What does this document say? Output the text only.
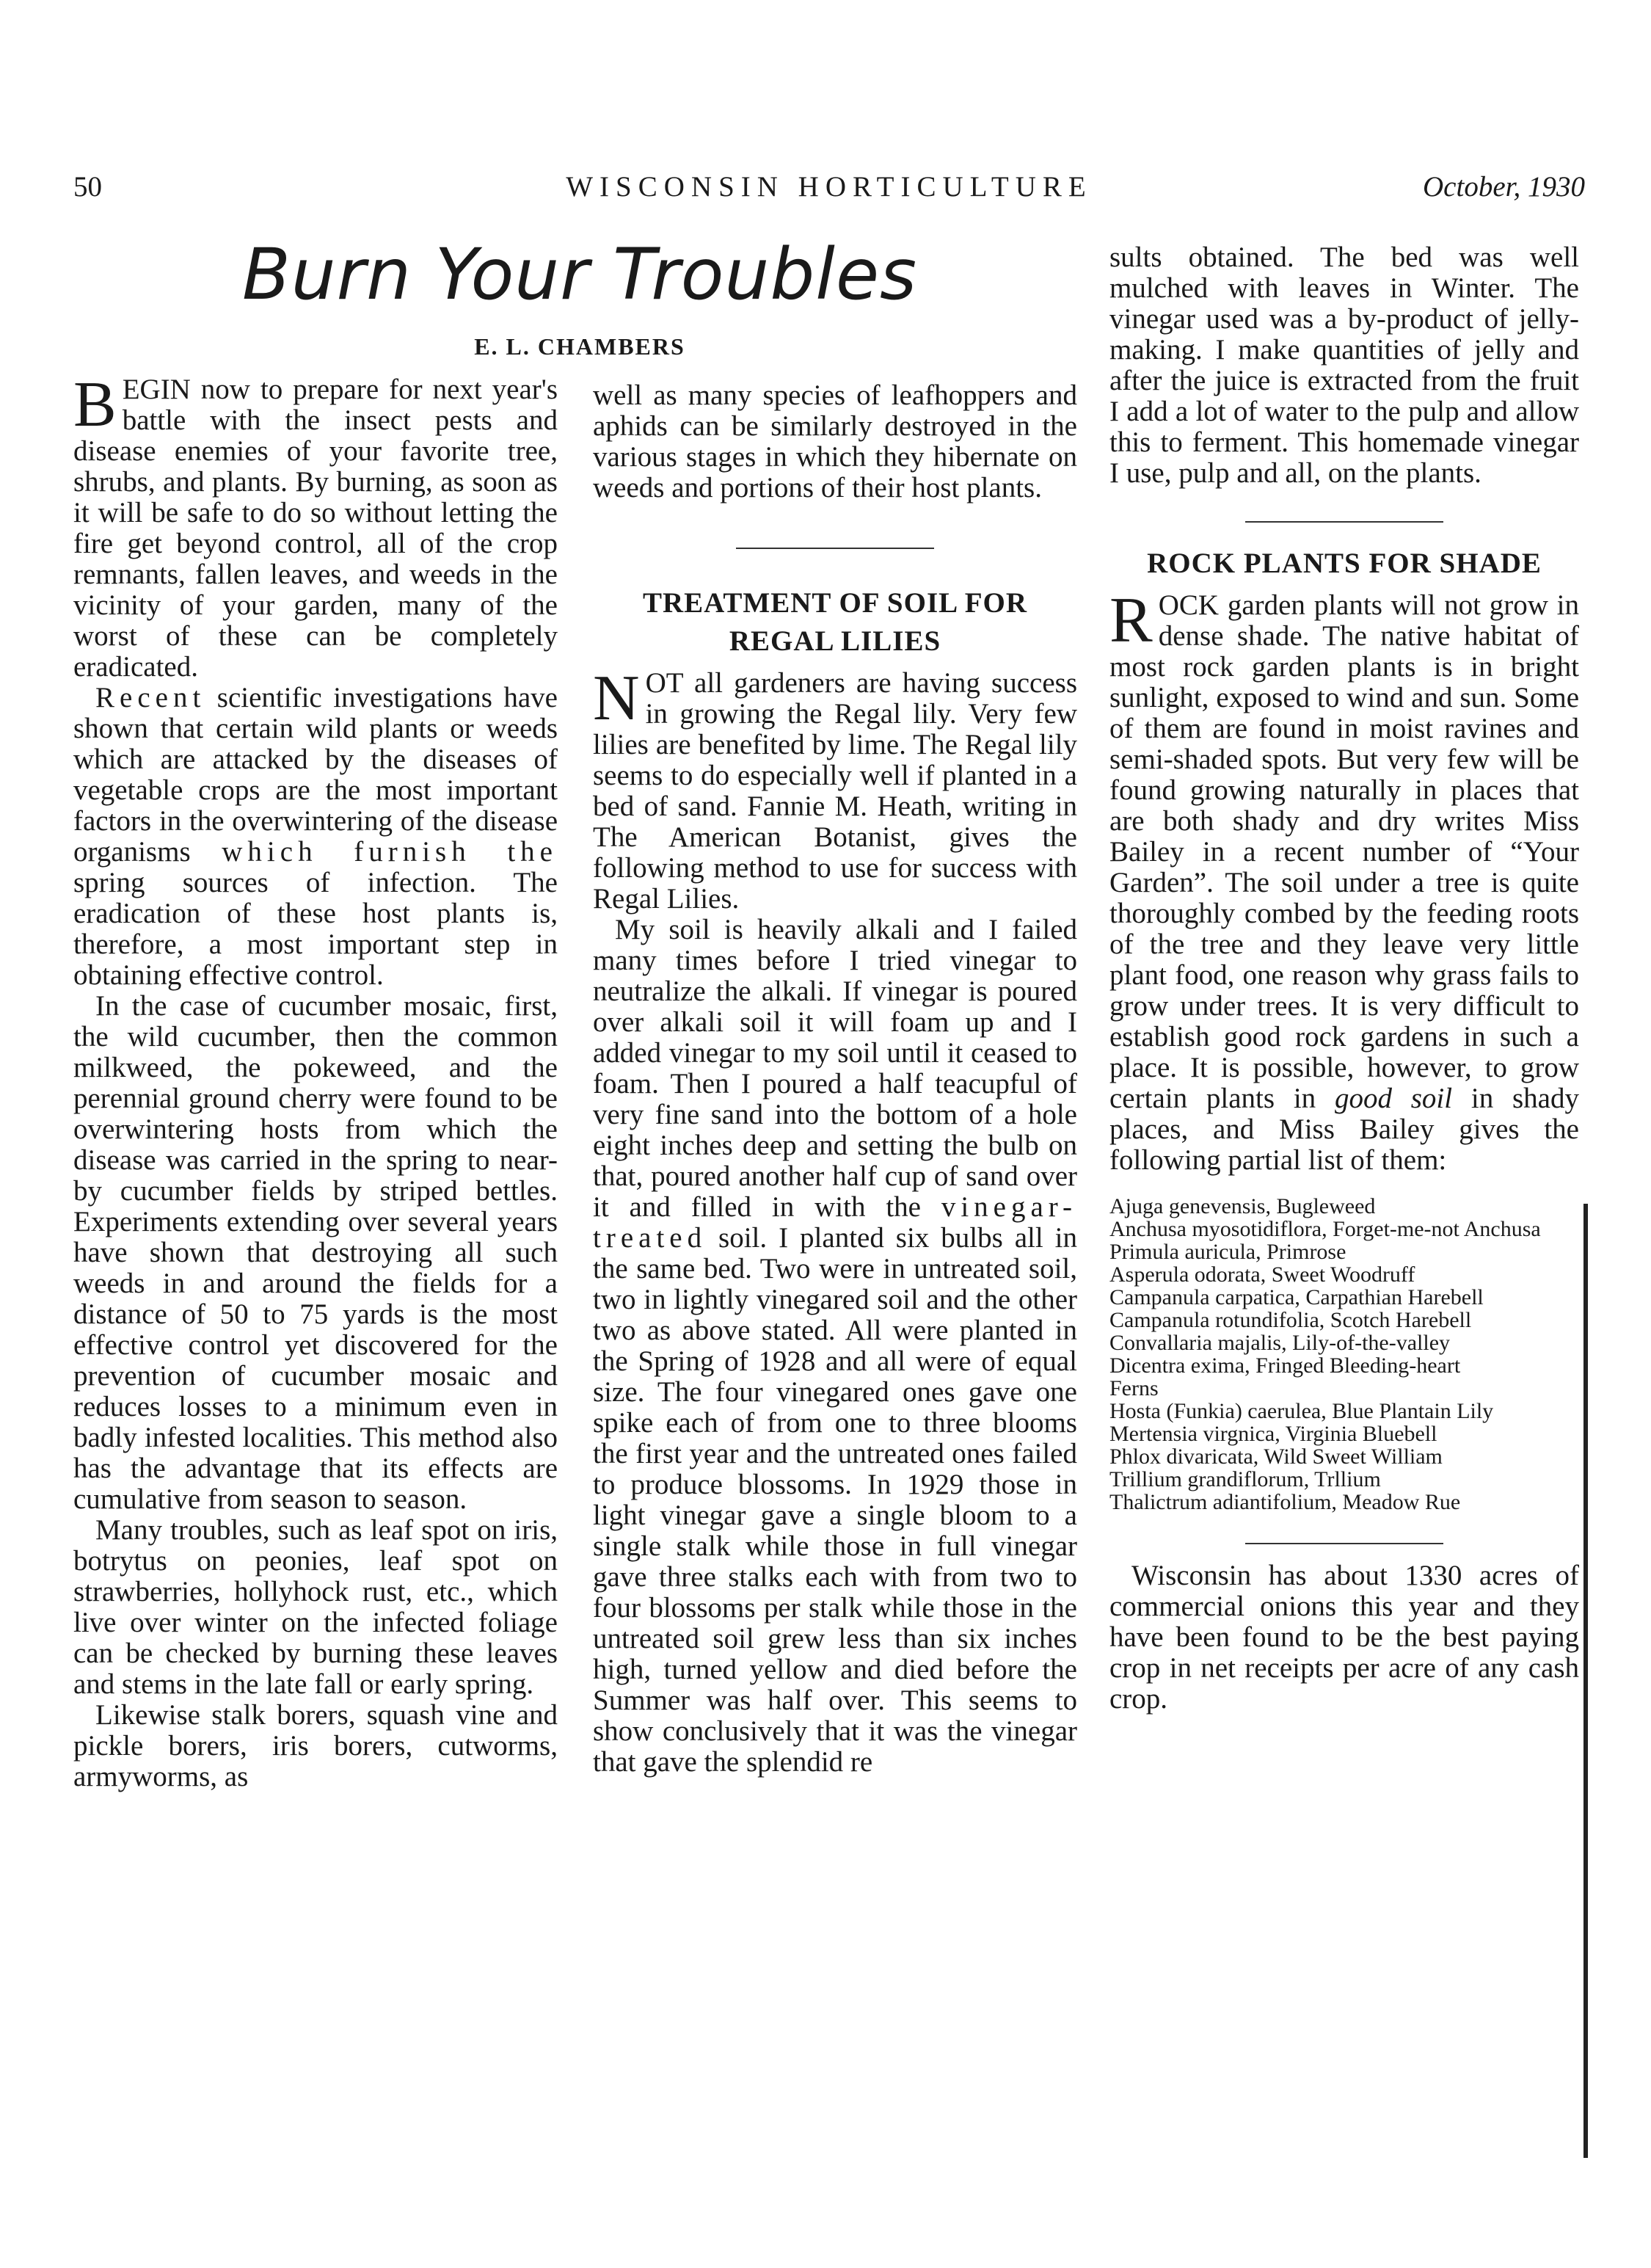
50	WISCONSIN HORTICULTURE	October, 1930
Burn Your Troubles
E. L. CHAMBERS

BEGIN now to prepare for next year's battle with the insect pests and disease enemies of your favorite tree, shrubs, and plants. By burning, as soon as it will be safe to do so without letting the fire get beyond control, all of the crop remnants, fallen leaves, and weeds in the vicinity of your garden, many of the worst of these can be completely eradicated.

Recent scientific investigations have shown that certain wild plants or weeds which are attacked by the diseases of vegetable crops are the most important factors in the overwintering of the disease organisms which furnish the spring sources of infection. The eradication of these host plants is, therefore, a most important step in obtaining effective control.

In the case of cucumber mosaic, first, the wild cucumber, then the common milkweed, the pokeweed, and the perennial ground cherry were found to be overwintering hosts from which the disease was carried in the spring to near-by cucumber fields by striped bettles. Experiments extending over several years have shown that destroying all such weeds in and around the fields for a distance of 50 to 75 yards is the most effective control yet discovered for the prevention of cucumber mosaic and reduces losses to a minimum even in badly infested localities. This method also has the advantage that its effects are cumulative from season to season.

Many troubles, such as leaf spot on iris, botrytus on peonies, leaf spot on strawberries, hollyhock rust, etc., which live over winter on the infected foliage can be checked by burning these leaves and stems in the late fall or early spring.

Likewise stalk borers, squash vine and pickle borers, iris borers, cutworms, armyworms, as

well as many species of leafhoppers and aphids can be similarly destroyed in the various stages in which they hibernate on weeds and portions of their host plants.

TREATMENT OF SOIL FOR
REGAL LILIES

NOT all gardeners are having success in growing the Regal lily. Very few lilies are benefited by lime. The Regal lily seems to do especially well if planted in a bed of sand. Fannie M. Heath, writing in The American Botanist, gives the following method to use for success with Regal Lilies.

My soil is heavily alkali and I failed many times before I tried vinegar to neutralize the alkali. If vinegar is poured over alkali soil it will foam up and I added vinegar to my soil until it ceased to foam. Then I poured a half teacupful of very fine sand into the bottom of a hole eight inches deep and setting the bulb on that, poured another half cup of sand over it and filled in with the vinegar-treated soil. I planted six bulbs all in the same bed. Two were in untreated soil, two in lightly vinegared soil and the other two as above stated. All were planted in the Spring of 1928 and all were of equal size. The four vinegared ones gave one spike each of from one to three blooms the first year and the untreated ones failed to produce blossoms. In 1929 those in light vinegar gave a single bloom to a single stalk while those in full vinegar gave three stalks each with from two to four blossoms per stalk while those in the untreated soil grew less than six inches high, turned yellow and died before the Summer was half over. This seems to show conclusively that it was the vinegar that gave the splendid re

sults obtained. The bed was well mulched with leaves in Winter. The vinegar used was a by-product of jelly-making. I make quantities of jelly and after the juice is extracted from the fruit I add a lot of water to the pulp and allow this to ferment. This homemade vinegar I use, pulp and all, on the plants.

ROCK PLANTS FOR SHADE

ROCK garden plants will not grow in dense shade. The native habitat of most rock garden plants is in bright sunlight, exposed to wind and sun. Some of them are found in moist ravines and semi-shaded spots. But very few will be found growing naturally in places that are both shady and dry writes Miss Bailey in a recent number of “Your Garden”. The soil under a tree is quite thoroughly combed by the feeding roots of the tree and they leave very little plant food, one reason why grass fails to grow under trees. It is very difficult to establish good rock gardens in such a place. It is possible, however, to grow certain plants in good soil in shady places, and Miss Bailey gives the following partial list of them:

Ajuga genevensis, Bugleweed
Anchusa myosotidiflora, Forget-me-not Anchusa
Primula auricula, Primrose
Asperula odorata, Sweet Woodruff
Campanula carpatica, Carpathian Harebell
Campanula rotundifolia, Scotch Harebell
Convallaria majalis, Lily-of-the-valley
Dicentra exima, Fringed Bleeding-heart
Ferns
Hosta (Funkia) caerulea, Blue Plantain Lily
Mertensia virgnica, Virginia Bluebell
Phlox divaricata, Wild Sweet William
Trillium grandiflorum, Trllium
Thalictrum adiantifolium, Meadow Rue

Wisconsin has about 1330 acres of commercial onions this year and they have been found to be the best paying crop in net receipts per acre of any cash crop.
